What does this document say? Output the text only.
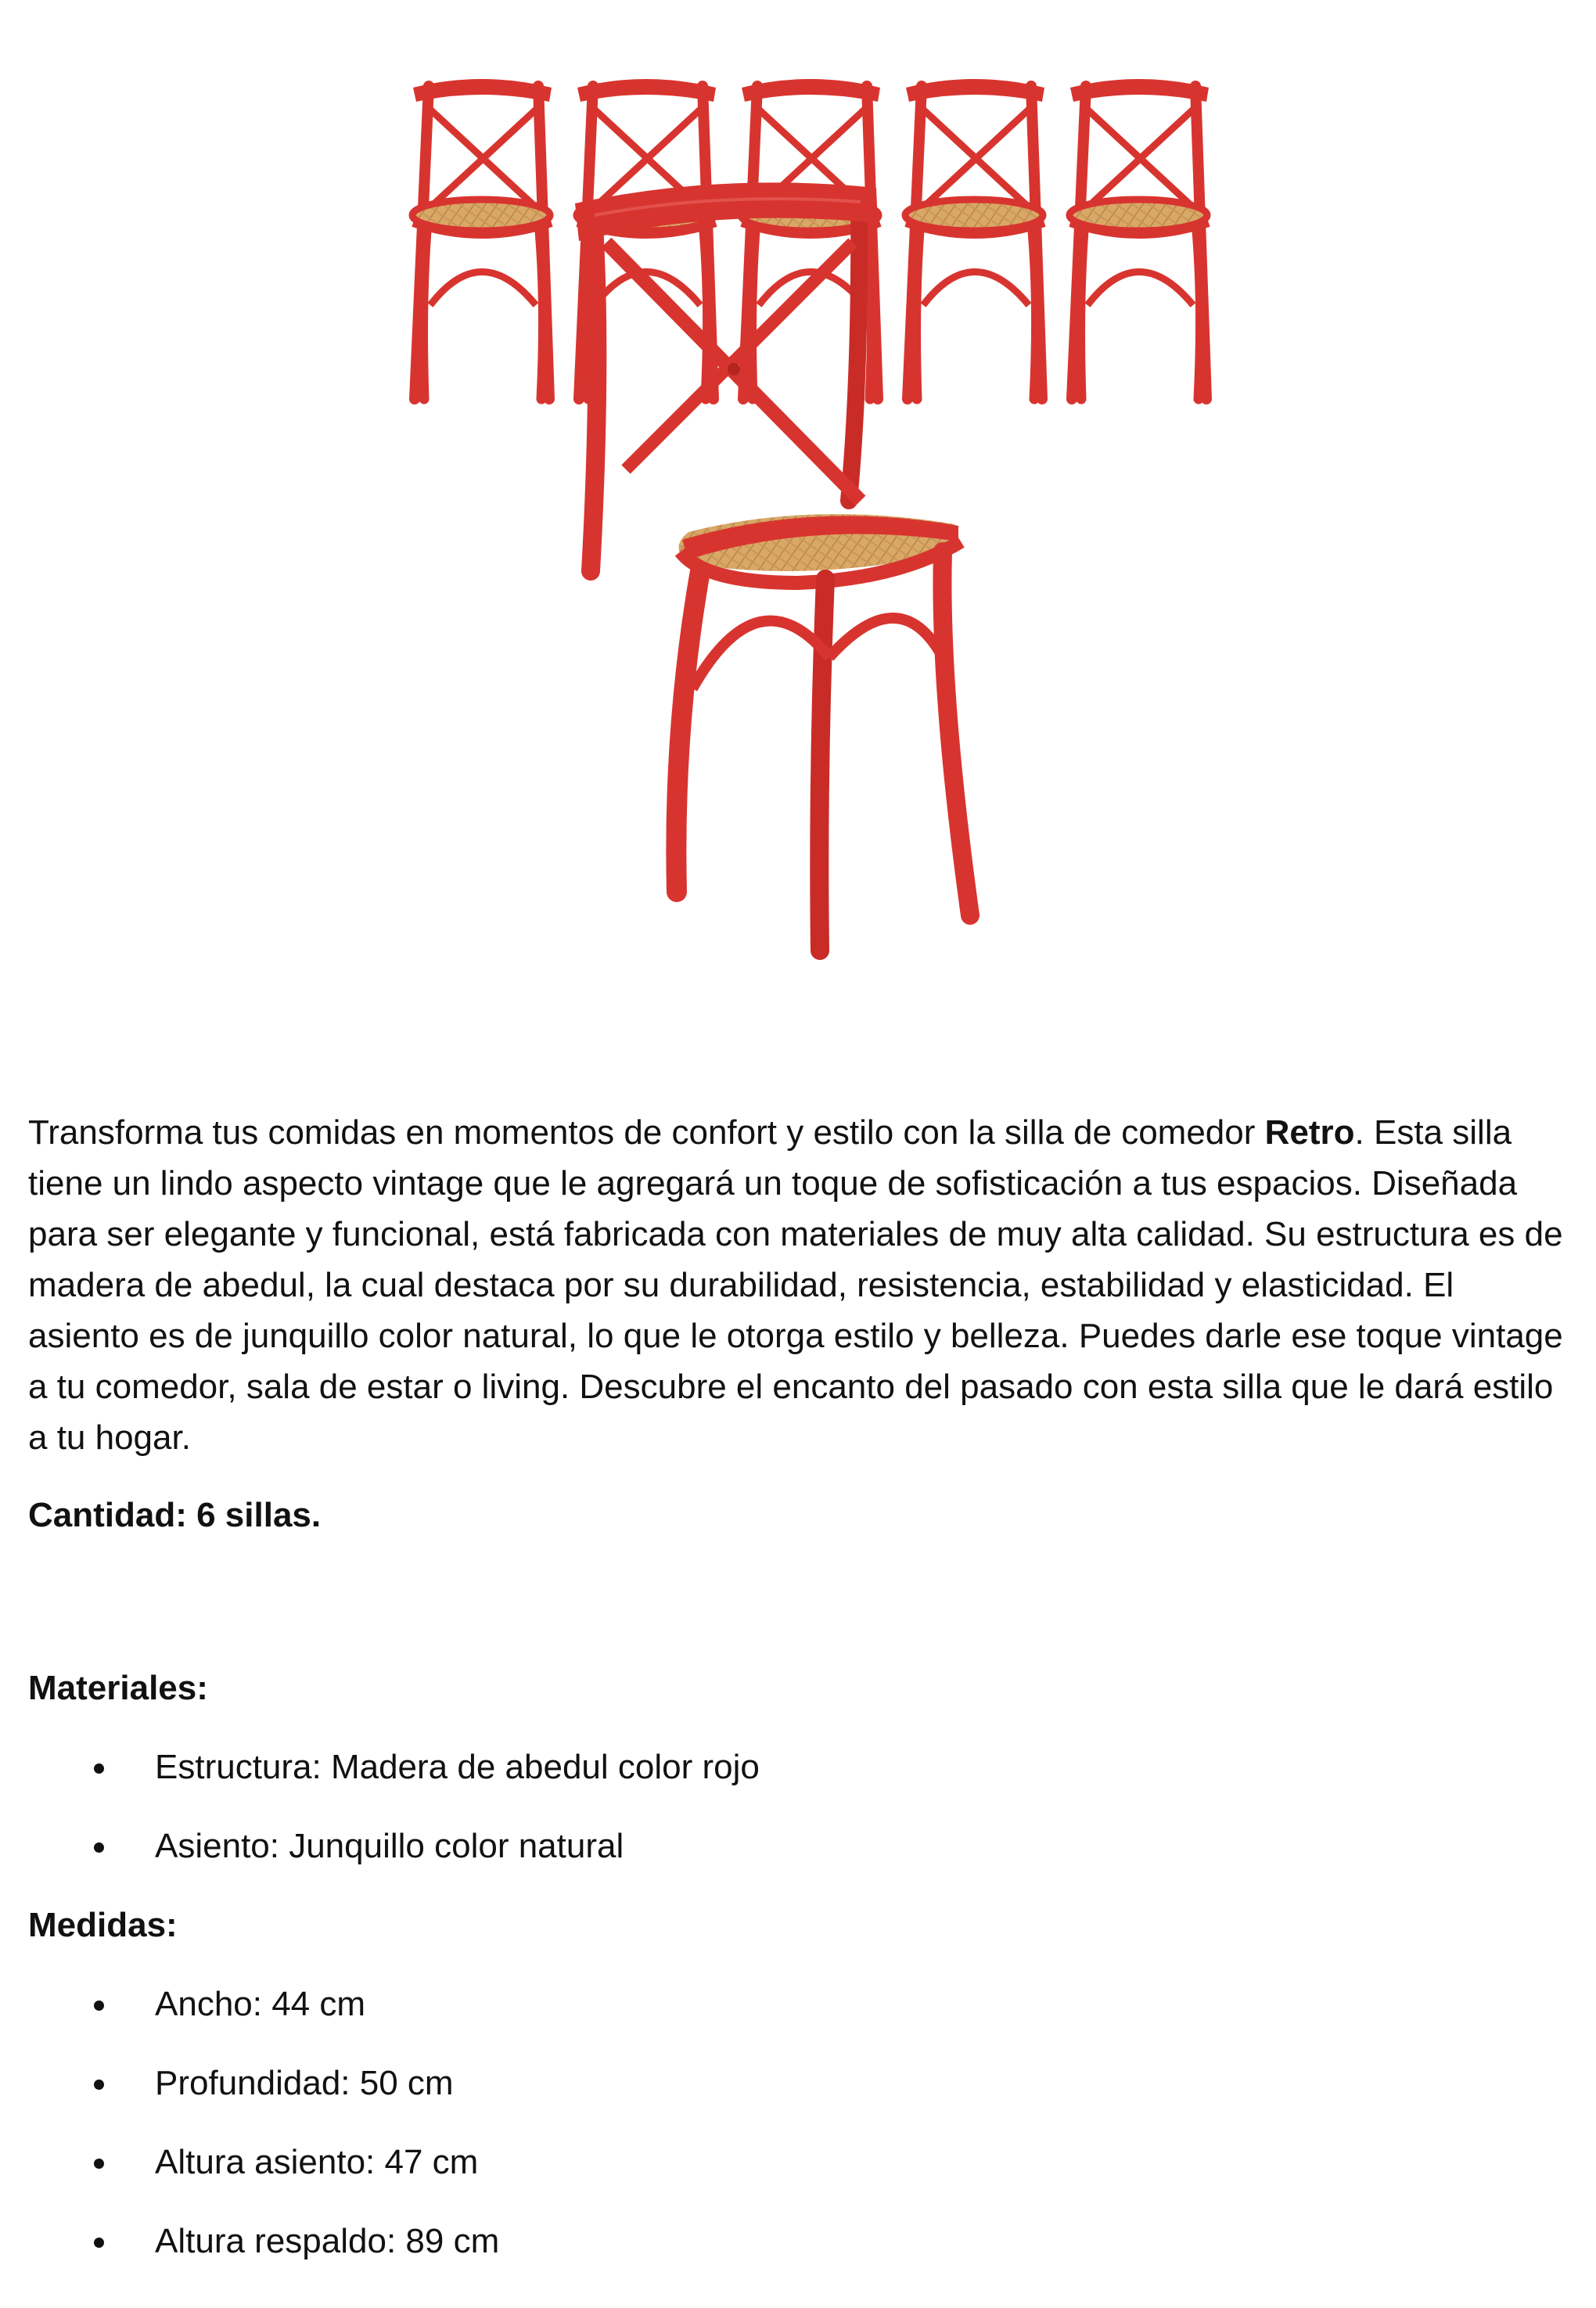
Transforma tus comidas en momentos de confort y estilo con la silla de comedor Retro. Esta silla tiene un lindo aspecto vintage que le agregará un toque de sofisticación a tus espacios. Diseñada para ser elegante y funcional, está fabricada con materiales de muy alta calidad. Su estructura es de madera de abedul, la cual destaca por su durabilidad, resistencia, estabilidad y elasticidad. El asiento es de junquillo color natural, lo que le otorga estilo y belleza. Puedes darle ese toque vintage a tu comedor, sala de estar o living. Descubre el encanto del pasado con esta silla que le dará estilo a tu hogar.

Cantidad: 6 sillas.

Materiales:

Estructura: Madera de abedul color rojo
Asiento: Junquillo color natural

Medidas:

Ancho: 44 cm
Profundidad: 50 cm
Altura asiento: 47 cm
Altura respaldo: 89 cm
